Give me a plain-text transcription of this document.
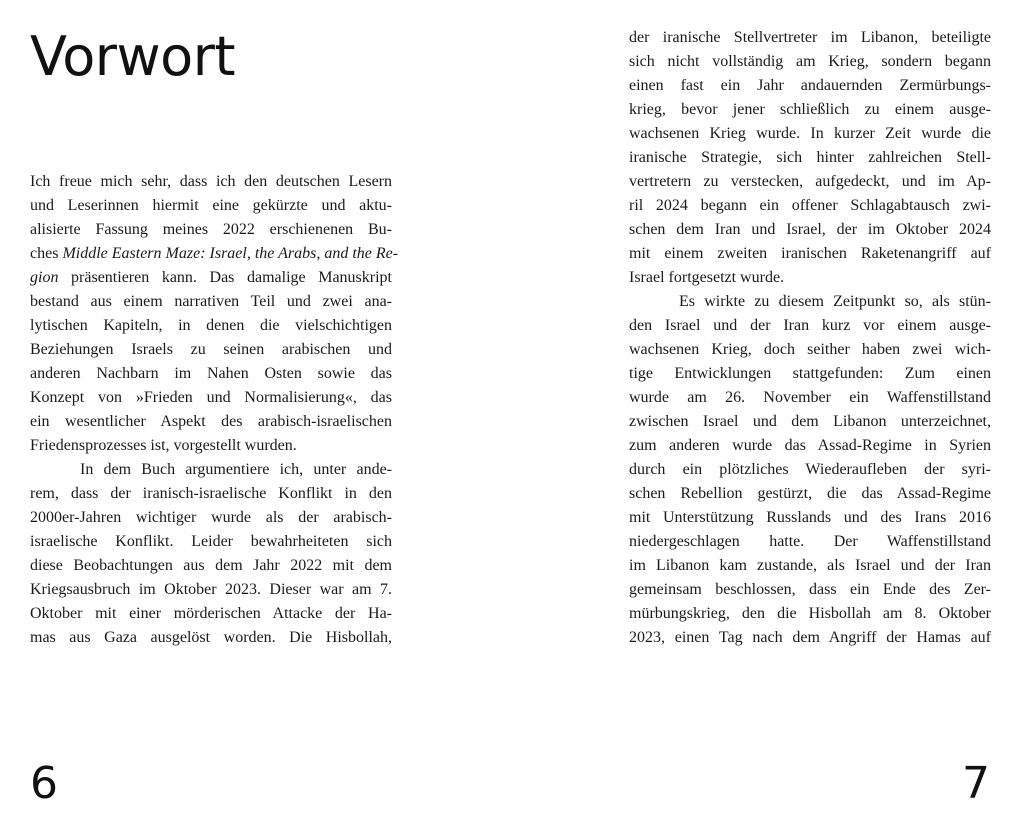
Vorwort

Ich freue mich sehr, dass ich den deutschen Lesern
und Leserinnen hiermit eine gekürzte und aktu-
alisierte Fassung meines 2022 erschienenen Bu-
ches Middle Eastern Maze: Israel, the Arabs, and the Re-
gion präsentieren kann. Das damalige Manuskript
bestand aus einem narrativen Teil und zwei ana-
lytischen Kapiteln, in denen die vielschichtigen
Beziehungen Israels zu seinen arabischen und
anderen Nachbarn im Nahen Osten sowie das
Konzept von »Frieden und Normalisierung«, das
ein wesentlicher Aspekt des arabisch-israelischen
Friedensprozesses ist, vorgestellt wurden.

In dem Buch argumentiere ich, unter ande-
rem, dass der iranisch-israelische Konflikt in den
2000er-Jahren wichtiger wurde als der arabisch-
israelische Konflikt. Leider bewahrheiteten sich
diese Beobachtungen aus dem Jahr 2022 mit dem
Kriegsausbruch im Oktober 2023. Dieser war am 7.
Oktober mit einer mörderischen Attacke der Ha-
mas aus Gaza ausgelöst worden. Die Hisbollah,

6

der iranische Stellvertreter im Libanon, beteiligte
sich nicht vollständig am Krieg, sondern begann
einen fast ein Jahr andauernden Zermürbungs-
krieg, bevor jener schließlich zu einem ausge-
wachsenen Krieg wurde. In kurzer Zeit wurde die
iranische Strategie, sich hinter zahlreichen Stell-
vertretern zu verstecken, aufgedeckt, und im Ap-
ril 2024 begann ein offener Schlagabtausch zwi-
schen dem Iran und Israel, der im Oktober 2024
mit einem zweiten iranischen Raketenangriff auf
Israel fortgesetzt wurde.

Es wirkte zu diesem Zeitpunkt so, als stün-
den Israel und der Iran kurz vor einem ausge-
wachsenen Krieg, doch seither haben zwei wich-
tige Entwicklungen stattgefunden: Zum einen
wurde am 26. November ein Waffenstillstand
zwischen Israel und dem Libanon unterzeichnet,
zum anderen wurde das Assad-Regime in Syrien
durch ein plötzliches Wiederaufleben der syri-
schen Rebellion gestürzt, die das Assad-Regime
mit Unterstützung Russlands und des Irans 2016
niedergeschlagen hatte. Der Waffenstillstand
im Libanon kam zustande, als Israel und der Iran
gemeinsam beschlossen, dass ein Ende des Zer-
mürbungskrieg, den die Hisbollah am 8. Oktober
2023, einen Tag nach dem Angriff der Hamas auf

7
